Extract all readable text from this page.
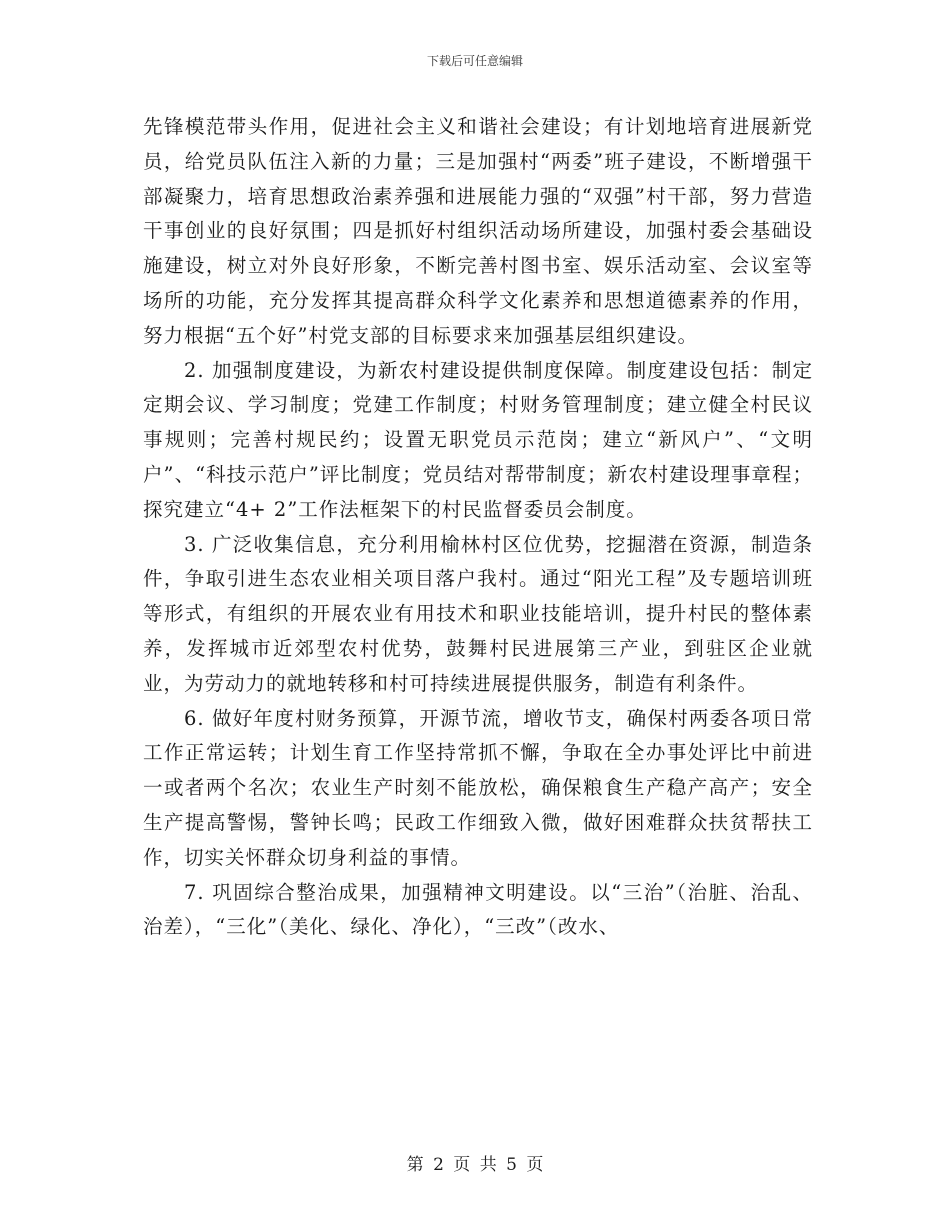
下载后可任意编辑

先锋模范带头作用，促进社会主义和谐社会建设；有计划地培育进展新党员，给党员队伍注入新的力量；三是加强村“两委”班子建设，不断增强干部凝聚力，培育思想政治素养强和进展能力强的“双强”村干部，努力营造干事创业的良好氛围；四是抓好村组织活动场所建设，加强村委会基础设施建设，树立对外良好形象，不断完善村图书室、娱乐活动室、会议室等场所的功能，充分发挥其提高群众科学文化素养和思想道德素养的作用，努力根据“五个好”村党支部的目标要求来加强基层组织建设。

2. 加强制度建设，为新农村建设提供制度保障。制度建设包括：制定定期会议、学习制度；党建工作制度；村财务管理制度；建立健全村民议事规则；完善村规民约；设置无职党员示范岗；建立“新风户”、“文明户”、“科技示范户”评比制度；党员结对帮带制度；新农村建设理事章程；探究建立“4+ 2”工作法框架下的村民监督委员会制度。

3. 广泛收集信息，充分利用榆林村区位优势，挖掘潜在资源，制造条件，争取引进生态农业相关项目落户我村。通过“阳光工程”及专题培训班等形式，有组织的开展农业有用技术和职业技能培训，提升村民的整体素养，发挥城市近郊型农村优势，鼓舞村民进展第三产业，到驻区企业就业，为劳动力的就地转移和村可持续进展提供服务，制造有利条件。

6. 做好年度村财务预算，开源节流，增收节支，确保村两委各项日常工作正常运转；计划生育工作坚持常抓不懈，争取在全办事处评比中前进一或者两个名次；农业生产时刻不能放松，确保粮食生产稳产高产；安全生产提高警惕，警钟长鸣；民政工作细致入微，做好困难群众扶贫帮扶工作，切实关怀群众切身利益的事情。

7. 巩固综合整治成果，加强精神文明建设。以“三治”（治脏、治乱、治差），“三化”（美化、绿化、净化），“三改”（改水、

第 2 页 共 5 页
